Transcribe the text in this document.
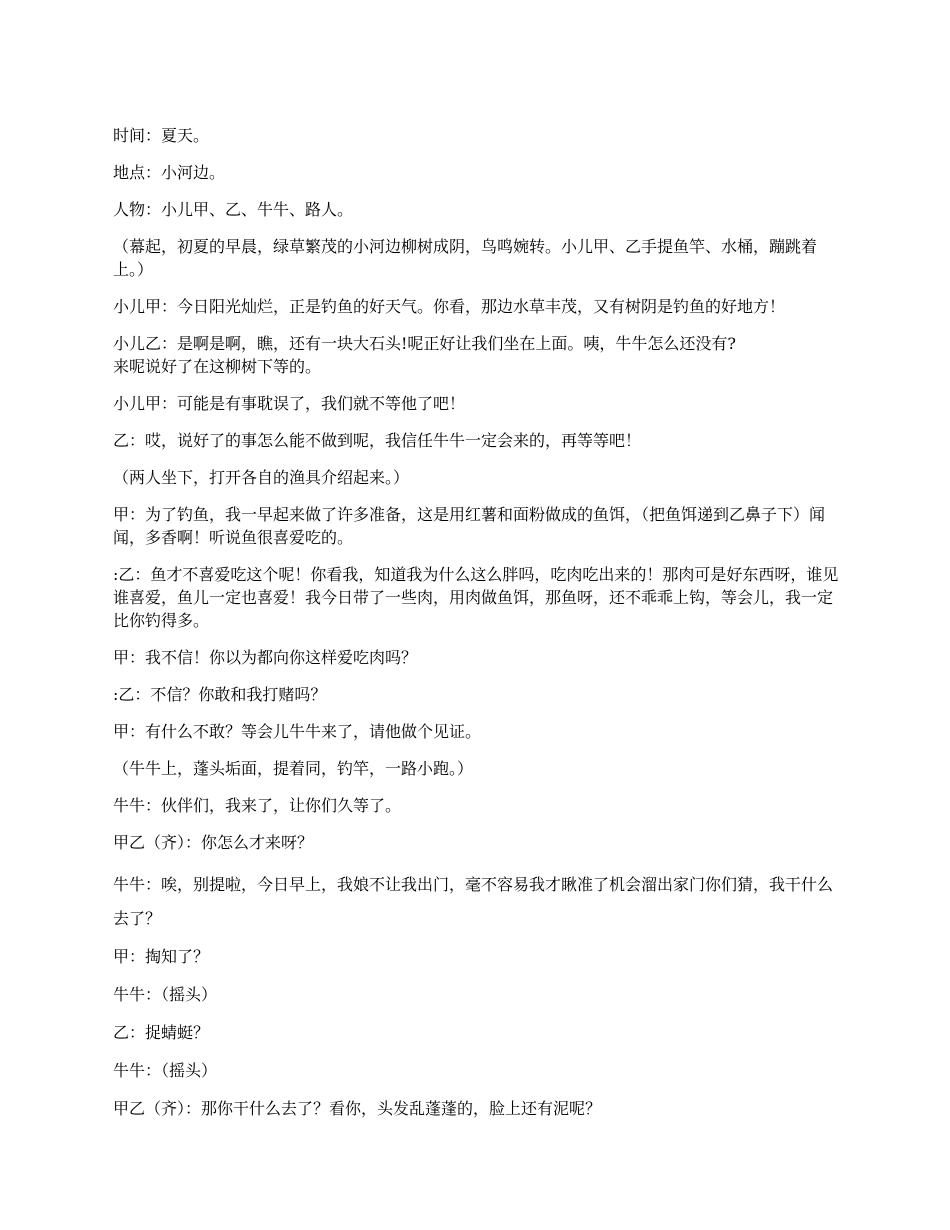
时间：夏天。

地点：小河边。

人物：小儿甲、乙、牛牛、路人。

（幕起，初夏的早晨，绿草繁茂的小河边柳树成阴，鸟鸣婉转。小儿甲、乙手提鱼竿、水桶，蹦跳着上。）

小儿甲：今日阳光灿烂，正是钓鱼的好天气。你看，那边水草丰茂，又有树阴是钓鱼的好地方！

小儿乙：是啊是啊，瞧，还有一块大石头!呢正好让我们坐在上面。咦，牛牛怎么还没有?
来呢说好了在这柳树下等的。

小儿甲：可能是有事耽误了，我们就不等他了吧！

乙：哎，说好了的事怎么能不做到呢，我信任牛牛一定会来的，再等等吧！

（两人坐下，打开各自的渔具介绍起来。）

甲：为了钓鱼，我一早起来做了许多准备，这是用红薯和面粉做成的鱼饵，（把鱼饵递到乙鼻子下）闻闻，多香啊！听说鱼很喜爱吃的。

:乙：鱼才不喜爱吃这个呢！你看我，知道我为什么这么胖吗，吃肉吃出来的！那肉可是好东西呀，谁见谁喜爱，鱼儿一定也喜爱！我今日带了一些肉，用肉做鱼饵，那鱼呀，还不乖乖上钩，等会儿，我一定比你钓得多。

甲：我不信！你以为都向你这样爱吃肉吗？

:乙：不信？你敢和我打赌吗？

甲：有什么不敢？等会儿牛牛来了，请他做个见证。

（牛牛上，蓬头垢面，提着同，钓竿，一路小跑。）

牛牛：伙伴们，我来了，让你们久等了。

甲乙（齐）：你怎么才来呀？

牛牛：唉，别提啦，今日早上，我娘不让我出门，毫不容易我才瞅准了机会溜出家门你们猜，我干什么去了？

甲：掏知了？

牛牛：（摇头）

乙：捉蜻蜓？

牛牛：（摇头）

甲乙（齐）：那你干什么去了？看你，头发乱蓬蓬的，脸上还有泥呢？
